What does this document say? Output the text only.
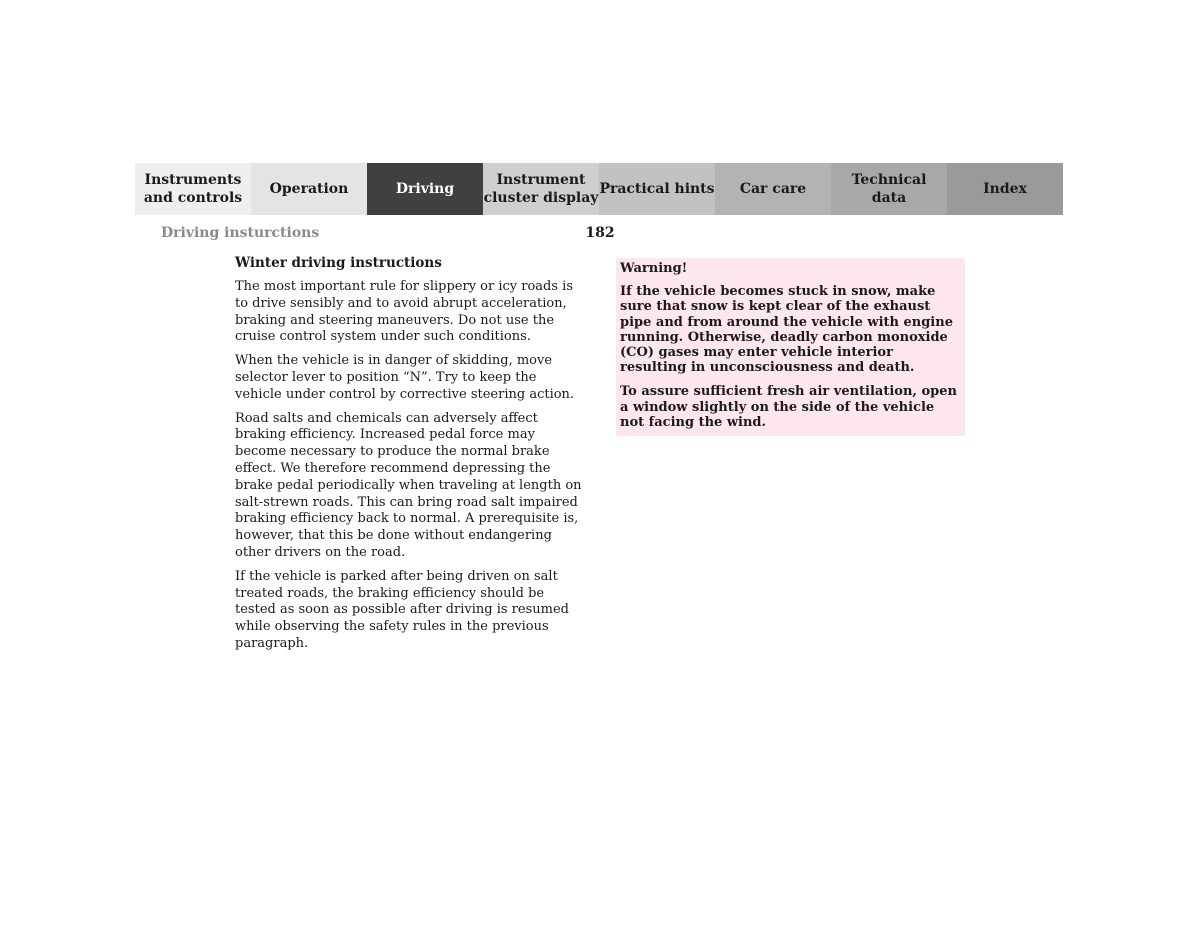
Instruments
and controls
Operation	Driving
Instrument
cluster display
Practical hints	Car care
Technical
data
Index
Driving insturctions	182
Winter driving instructions

The most important rule for slippery or icy roads is to drive sensibly and to avoid abrupt acceleration, braking and steering maneuvers. Do not use the cruise control system under such conditions.

When the vehicle is in danger of skidding, move selector lever to position “N”. Try to keep the vehicle under control by corrective steering action.

Road salts and chemicals can adversely affect braking efficiency. Increased pedal force may become necessary to produce the normal brake effect. We therefore recommend depressing the brake pedal periodically when traveling at length on salt-strewn roads. This can bring road salt impaired braking efficiency back to normal. A prerequisite is, however, that this be done without endangering other drivers on the road.

If the vehicle is parked after being driven on salt treated roads, the braking efficiency should be tested as soon as possible after driving is resumed while observing the safety rules in the previous paragraph.

Warning!

If the vehicle becomes stuck in snow, make sure that snow is kept clear of the exhaust pipe and from around the vehicle with engine running. Otherwise, deadly carbon monoxide (CO) gases may enter vehicle interior resulting in unconsciousness and death.

To assure sufficient fresh air ventilation, open a window slightly on the side of the vehicle not facing the wind.
